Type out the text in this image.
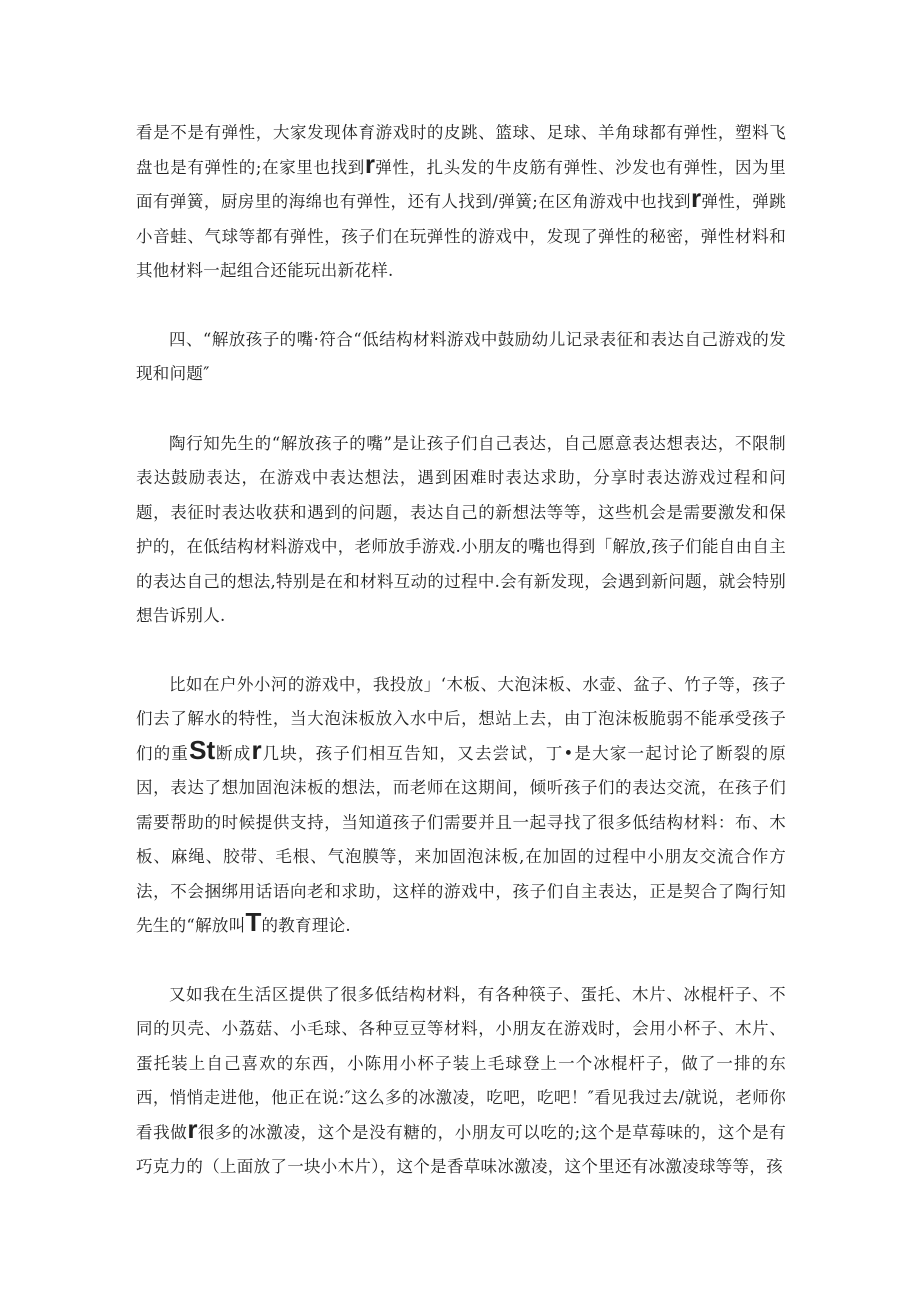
看是不是有弹性，大家发现体育游戏时的皮跳、篮球、足球、羊角球都有弹性，塑料飞盘也是有弹性的;在家里也找到r弹性，扎头发的牛皮筋有弹性、沙发也有弹性，因为里面有弹簧，厨房里的海绵也有弹性，还有人找到/弹簧;在区角游戏中也找到r弹性，弹跳小音蛙、气球等都有弹性，孩子们在玩弹性的游戏中，发现了弹性的秘密，弹性材料和其他材料一起组合还能玩出新花样.

四、“解放孩子的嘴·符合“低结构材料游戏中鼓励幼儿记录表征和表达自己游戏的发现和问题″

陶行知先生的“解放孩子的嘴”是让孩子们自己表达，自己愿意表达想表达，不限制表达鼓励表达，在游戏中表达想法，遇到困难时表达求助，分享时表达游戏过程和问题，表征时表达收获和遇到的问题，表达自己的新想法等等，这些机会是需要激发和保护的，在低结构材料游戏中，老师放手游戏.小朋友的嘴也得到「解放,孩子们能自由自主的表达自己的想法,特别是在和材料互动的过程中.会有新发现，会遇到新问题，就会特别想告诉别人.

比如在户外小河的游戏中，我投放」‘木板、大泡沫板、水壶、盆子、竹子等，孩子们去了解水的特性，当大泡沫板放入水中后，想站上去，由丁泡沫板脆弱不能承受孩子们的重St断成r几块，孩子们相互告知，又去尝试，丁•是大家一起讨论了断裂的原因，表达了想加固泡沫板的想法，而老师在这期间，倾听孩子们的表达交流，在孩子们需要帮助的时候提供支持，当知道孩子们需要并且一起寻找了很多低结构材料：布、木板、麻绳、胶带、毛根、气泡膜等，来加固泡沫板,在加固的过程中小朋友交流合作方法，不会捆绑用话语向老和求助，这样的游戏中，孩子们自主表达，正是契合了陶行知先生的“解放叫T的教育理论.

又如我在生活区提供了很多低结构材料，有各种筷子、蛋托、木片、冰棍杆子、不同的贝壳、小荔菇、小毛球、各种豆豆等材料，小朋友在游戏时，会用小杯子、木片、蛋托装上自己喜欢的东西，小陈用小杯子装上毛球登上一个冰棍杆子，做了一排的东西，悄悄走进他，他正在说:″这么多的冰激凌，吃吧，吃吧！″看见我过去/就说，老师你看我做r很多的冰激凌，这个是没有糖的，小朋友可以吃的;这个是草莓味的，这个是有巧克力的（上面放了一块小木片），这个是香草味冰激凌，这个里还有冰激凌球等等，孩
